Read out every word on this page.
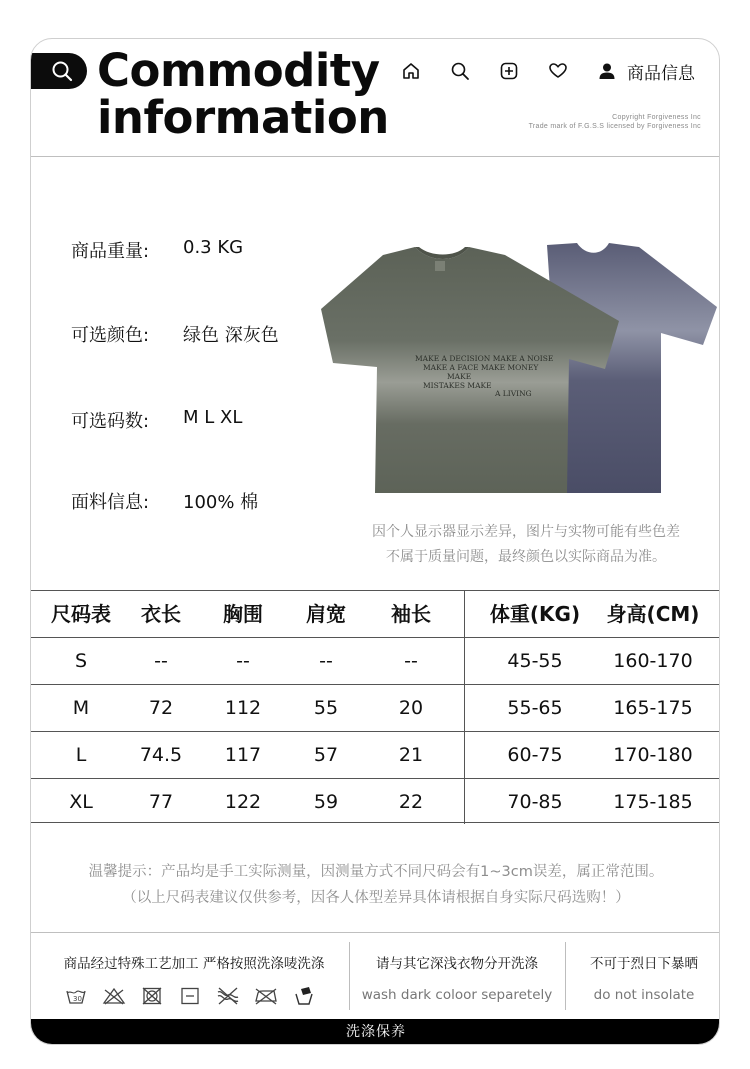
Commodity
information
商品信息
Copyright Forgiveness Inc
Trade mark of F.G.S.S licensed by Forgiveness Inc
商品重量:	0.3 KG
可选颜色:	绿色 深灰色
可选码数:	M L XL
面料信息:	100% 棉
MAKE A DECISION MAKE A NOISE
MAKE A FACE MAKE MONEY
MAKE
MISTAKES MAKE
A LIVING
因个人显示器显示差异，图片与实物可能有些色差
不属于质量问题，最终颜色以实际商品为准。
尺码表	衣长	胸围	肩宽	袖长	体重(KG)	身高(CM)
S	--	--	--	--	45-55	160-170
M	72	112	55	20	55-65	165-175
L	74.5	117	57	21	60-75	170-180
XL	77	122	59	22	70-85	175-185
温馨提示：产品均是手工实际测量，因测量方式不同尺码会有1~3cm误差，属正常范围。
（以上尺码表建议仅供参考，因各人体型差异具体请根据自身实际尺码选购！）
商品经过特殊工艺加工 严格按照洗涤唛洗涤
30
请与其它深浅衣物分开洗涤
wash dark coloor separetely
不可于烈日下暴晒
do not insolate
洗涤保养
